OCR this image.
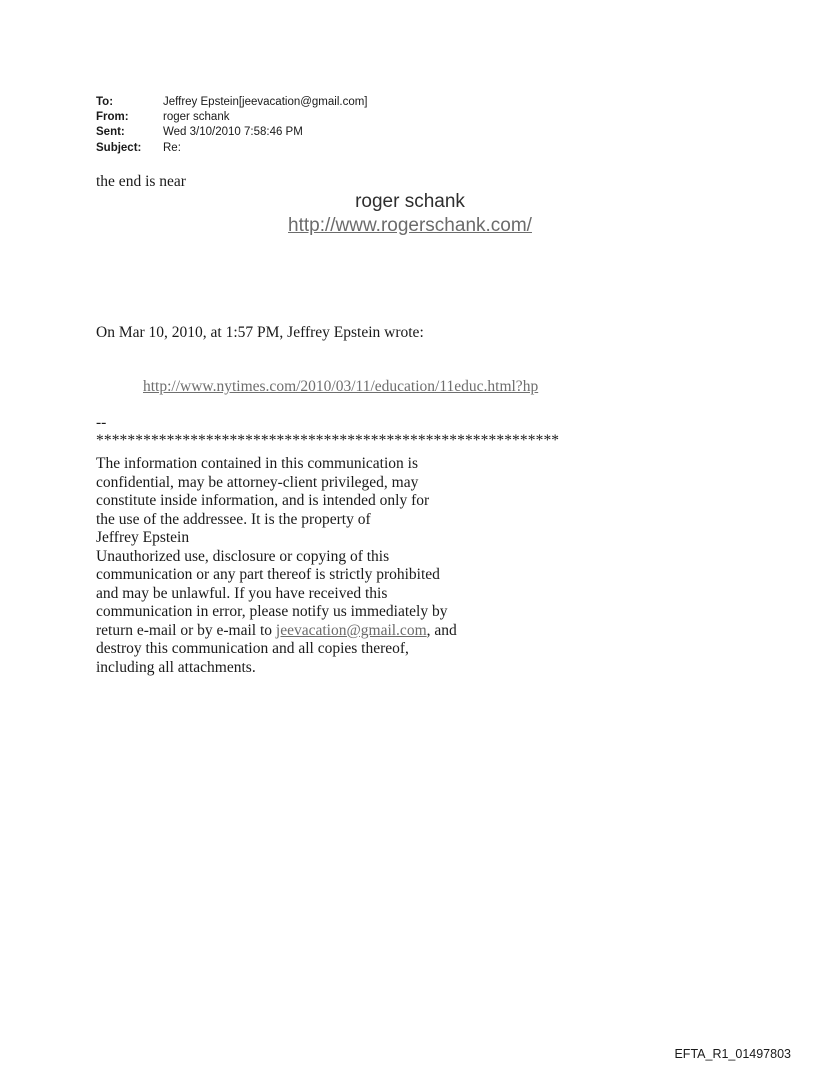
To:	Jeffrey Epstein[jeevacation@gmail.com]
From:	roger schank
Sent:	Wed 3/10/2010 7:58:46 PM
Subject:	Re:
the end is near
roger schank
http://www.rogerschank.com/
On Mar 10, 2010, at 1:57 PM, Jeffrey Epstein wrote:
http://www.nytimes.com/2010/03/11/education/11educ.html?hp
--
***********************************************************
The information contained in this communication is
confidential, may be attorney-client privileged, may
constitute inside information, and is intended only for
the use of the addressee. It is the property of
Jeffrey Epstein
Unauthorized use, disclosure or copying of this
communication or any part thereof is strictly prohibited
and may be unlawful. If you have received this
communication in error, please notify us immediately by
return e-mail or by e-mail to jeevacation@gmail.com, and
destroy this communication and all copies thereof,
including all attachments.
EFTA_R1_01497803
